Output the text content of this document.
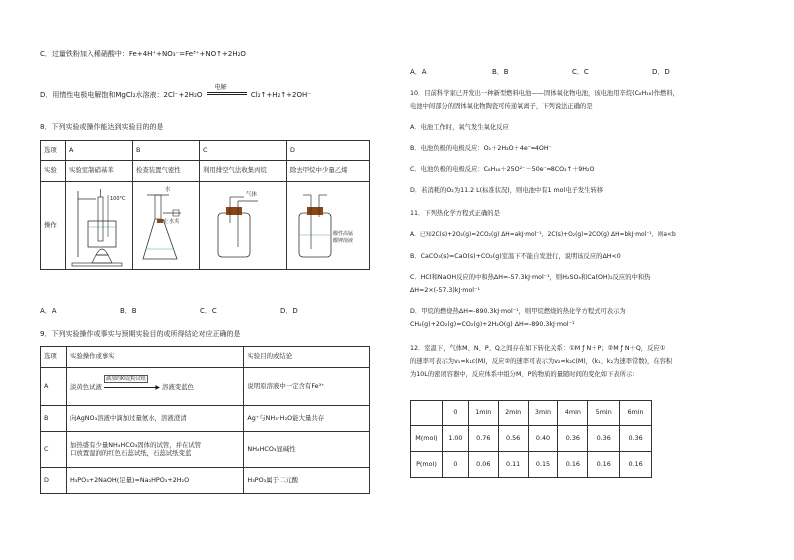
C．过量铁粉加入稀硝酸中：Fe+4H⁺+NO₃⁻=Fe³⁺+NO↑+2H₂O
D．用惰性电极电解饱和MgCl₂水溶液：2Cl⁻+2H₂O
电解
Cl₂↑+H₂↑+2OH⁻
8．下列实验或操作能达到实验目的的是
选项	A	B	C	D
实验	实验室制硝基苯	检查装置气密性	利用排空气法收集丙烷	除去甲烷中少量乙烯
操作	100°C	水
止水夹	气体	酸性高锰
酸钾溶液
A．A	B．B	C．C	D．D
9．下列实验操作或事实与预期实验目的或所得结论对应正确的是
选项	实验操作或事实	实验目的或结论
A	淡黄色试液
滴加的KI淀粉试纸
▶ 溶液变蓝色	说明原溶液中一定含有Fe³⁺
B	向AgNO₃溶液中滴加过量氨水，溶液澄清	Ag⁺与NH₃·H₂O能大量共存
C	加热盛有少量NH₄HCO₃固体的试管，并在试管
口放置湿润的红色石蕊试纸，石蕊试纸变蓝	NH₄HCO₃显碱性
D	H₃PO₃+2NaOH(足量)=Na₂HPO₃+2H₂O	H₃PO₃属于二元酸
A．A	B．B	C．C	D．D
10．目前科学家已开发出一种新型燃料电池——固体氧化物电池，该电池用辛烷(C₈H₁₈)作燃料，
电池中间部分的固体氧化物陶瓷可传递氧离子，下列说法正确的是
A．电池工作时，氧气发生氧化反应
B．电池负极的电极反应：O₂＋2H₂O＋4e⁻═4OH⁻
C．电池负极的电极反应：C₈H₁₈＋25O²⁻－50e⁻═8CO₂↑＋9H₂O
D．若消耗的O₂为11.2 L(标准状况)，则电池中有1 mol电子发生转移
11．下列热化学方程式正确的是
A．已知2C(s)+2O₂(g)=2CO₂(g) ΔH=akJ·mol⁻¹，2C(s)+O₂(g)=2CO(g) ΔH=bkJ·mol⁻¹，则a<b
B．CaCO₃(s)=CaO(s)+CO₂(g)室温下不能自发进行，说明该反应的ΔH<0
C．HCl和NaOH反应的中和热ΔH=-57.3kJ·mol⁻¹，则H₂SO₄和Ca(OH)₂反应的中和热
ΔH=2×(-57.3)kJ·mol⁻¹
D．甲烷的燃烧热ΔH=-890.3kJ·mol⁻¹，则甲烷燃烧的热化学方程式可表示为
CH₄(g)+2O₂(g)=CO₂(g)+2H₂O(g) ΔH=-890.3kJ·mol⁻¹
12．室温下，气体M、N、P、Q之间存在如下转化关系：①M ƒ N＋P；②M ƒ N＋Q，反应①
的速率可表示为v₁=k₁c(M)，反应②的速率可表示为v₂=k₂c(M)，(k₁、k₂为速率常数)，在容积
为10L的密闭容器中，反应体系中组分M、P的物质的量随时间的变化如下表所示：
	0	1min	2min	3min	4min	5min	6min
M(mol)	1.00	0.76	0.56	0.40	0.36	0.36	0.36
P(mol)	0	0.06	0.11	0.15	0.16	0.16	0.16
